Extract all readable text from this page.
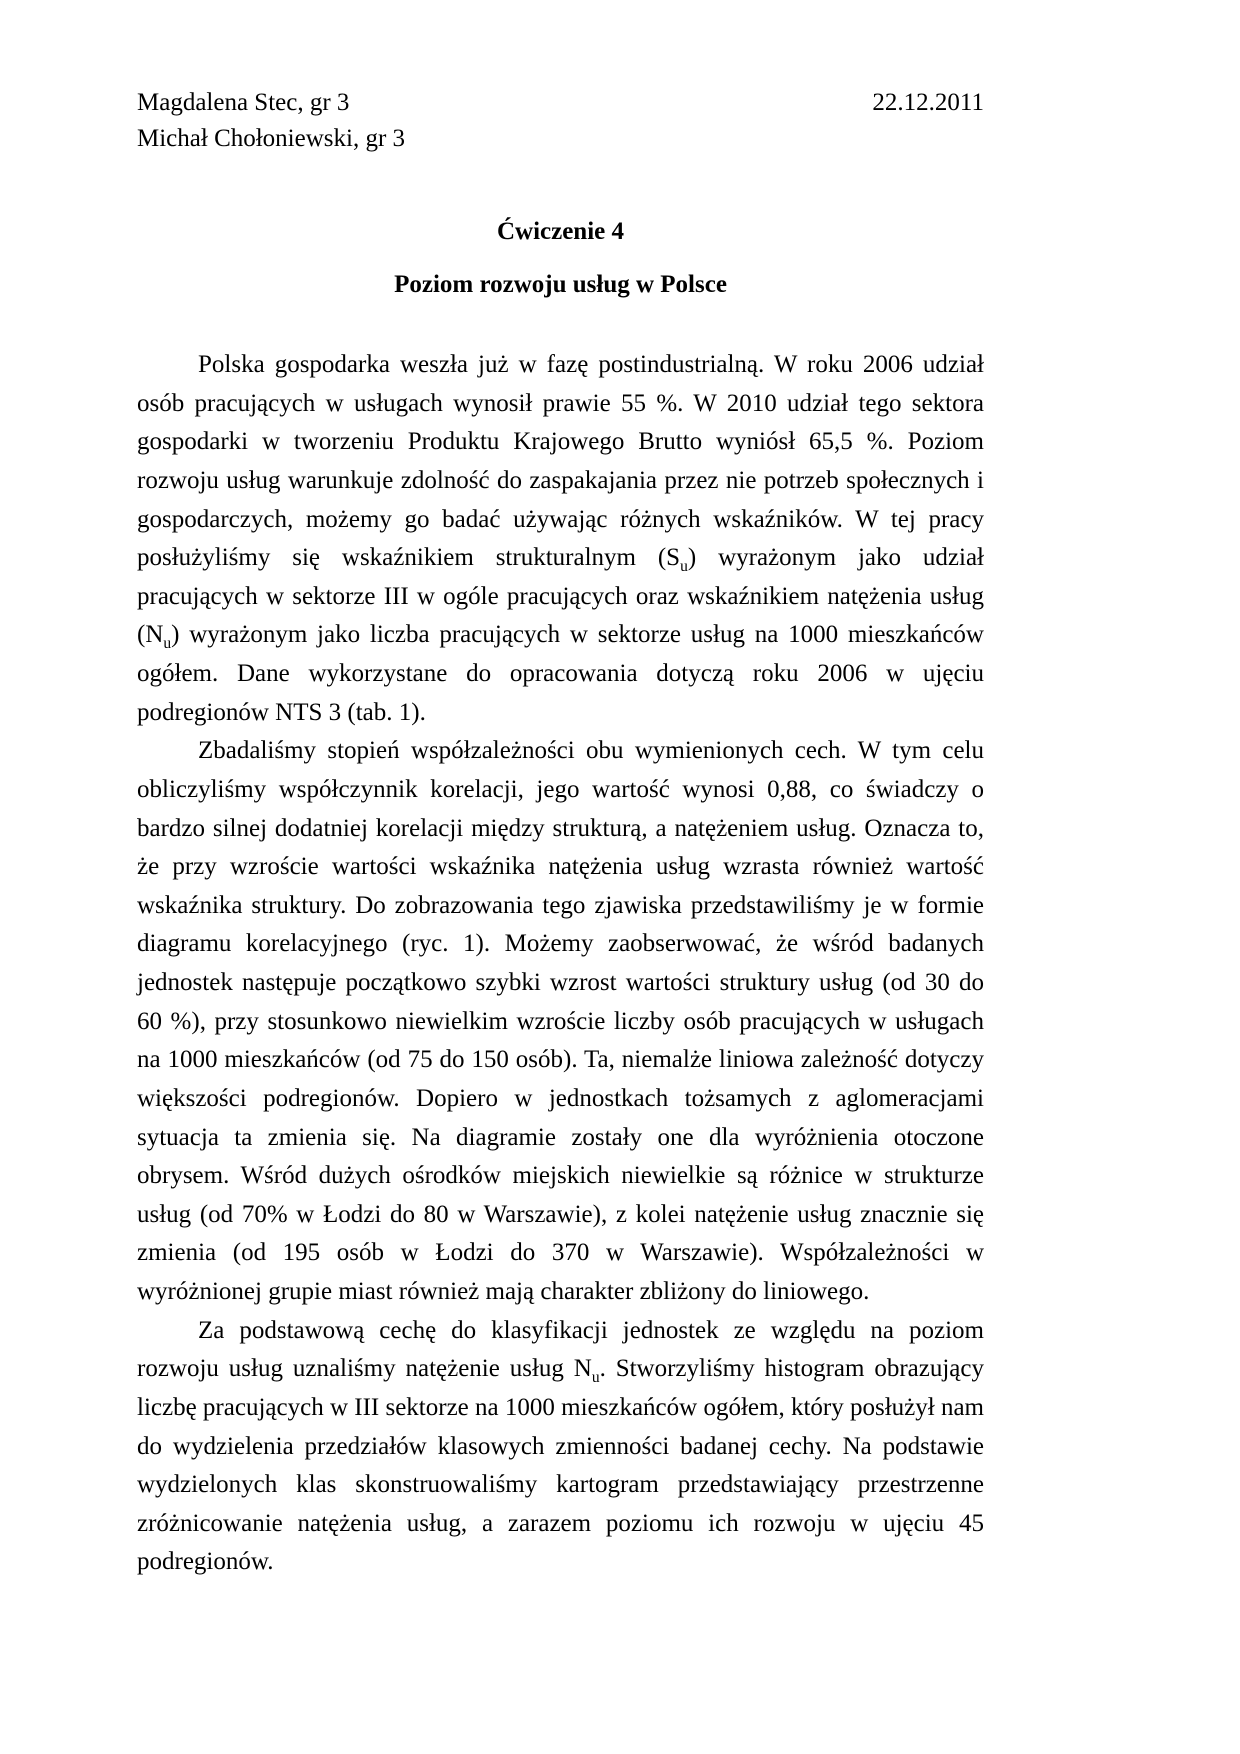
Magdalena Stec, gr 3
Michał Chołoniewski, gr 3
22.12.2011
Ćwiczenie 4
Poziom rozwoju usług w Polsce

Polska gospodarka weszła już w fazę postindustrialną. W roku 2006 udział osób pracujących w usługach wynosił prawie 55 %. W 2010 udział tego sektora gospodarki w tworzeniu Produktu Krajowego Brutto wyniósł 65,5 %. Poziom rozwoju usług warunkuje zdolność do zaspakajania przez nie potrzeb społecznych i gospodarczych, możemy go badać używając różnych wskaźników. W tej pracy posłużyliśmy się wskaźnikiem strukturalnym $(S_u)$ wyrażonym jako udział pracujących w sektorze III w ogóle pracujących oraz wskaźnikiem natężenia usług $(N_u)$ wyrażonym jako liczba pracujących w sektorze usług na 1000 mieszkańców ogółem. Dane wykorzystane do opracowania dotyczą roku 2006 w ujęciu podregionów NTS 3 (tab. 1).

Zbadaliśmy stopień współzależności obu wymienionych cech. W tym celu obliczyliśmy współczynnik korelacji, jego wartość wynosi 0,88, co świadczy o bardzo silnej dodatniej korelacji między strukturą, a natężeniem usług. Oznacza to, że przy wzroście wartości wskaźnika natężenia usług wzrasta również wartość wskaźnika struktury. Do zobrazowania tego zjawiska przedstawiliśmy je w formie diagramu korelacyjnego (ryc. 1). Możemy zaobserwować, że wśród badanych jednostek następuje początkowo szybki wzrost wartości struktury usług (od 30 do 60 %), przy stosunkowo niewielkim wzroście liczby osób pracujących w usługach na 1000 mieszkańców (od 75 do 150 osób). Ta, niemalże liniowa zależność dotyczy większości podregionów. Dopiero w jednostkach tożsamych z aglomeracjami sytuacja ta zmienia się. Na diagramie zostały one dla wyróżnienia otoczone obrysem. Wśród dużych ośrodków miejskich niewielkie są różnice w strukturze usług (od 70% w Łodzi do 80 w Warszawie), z kolei natężenie usług znacznie się zmienia (od 195 osób w Łodzi do 370 w Warszawie). Współzależności w wyróżnionej grupie miast również mają charakter zbliżony do liniowego.

Za podstawową cechę do klasyfikacji jednostek ze względu na poziom rozwoju usług uznaliśmy natężenie usług $N_u$. Stworzyliśmy histogram obrazujący liczbę pracujących w III sektorze na 1000 mieszkańców ogółem, który posłużył nam do wydzielenia przedziałów klasowych zmienności badanej cechy. Na podstawie wydzielonych klas skonstruowaliśmy kartogram przedstawiający przestrzenne zróżnicowanie natężenia usług, a zarazem poziomu ich rozwoju w ujęciu 45 podregionów.
